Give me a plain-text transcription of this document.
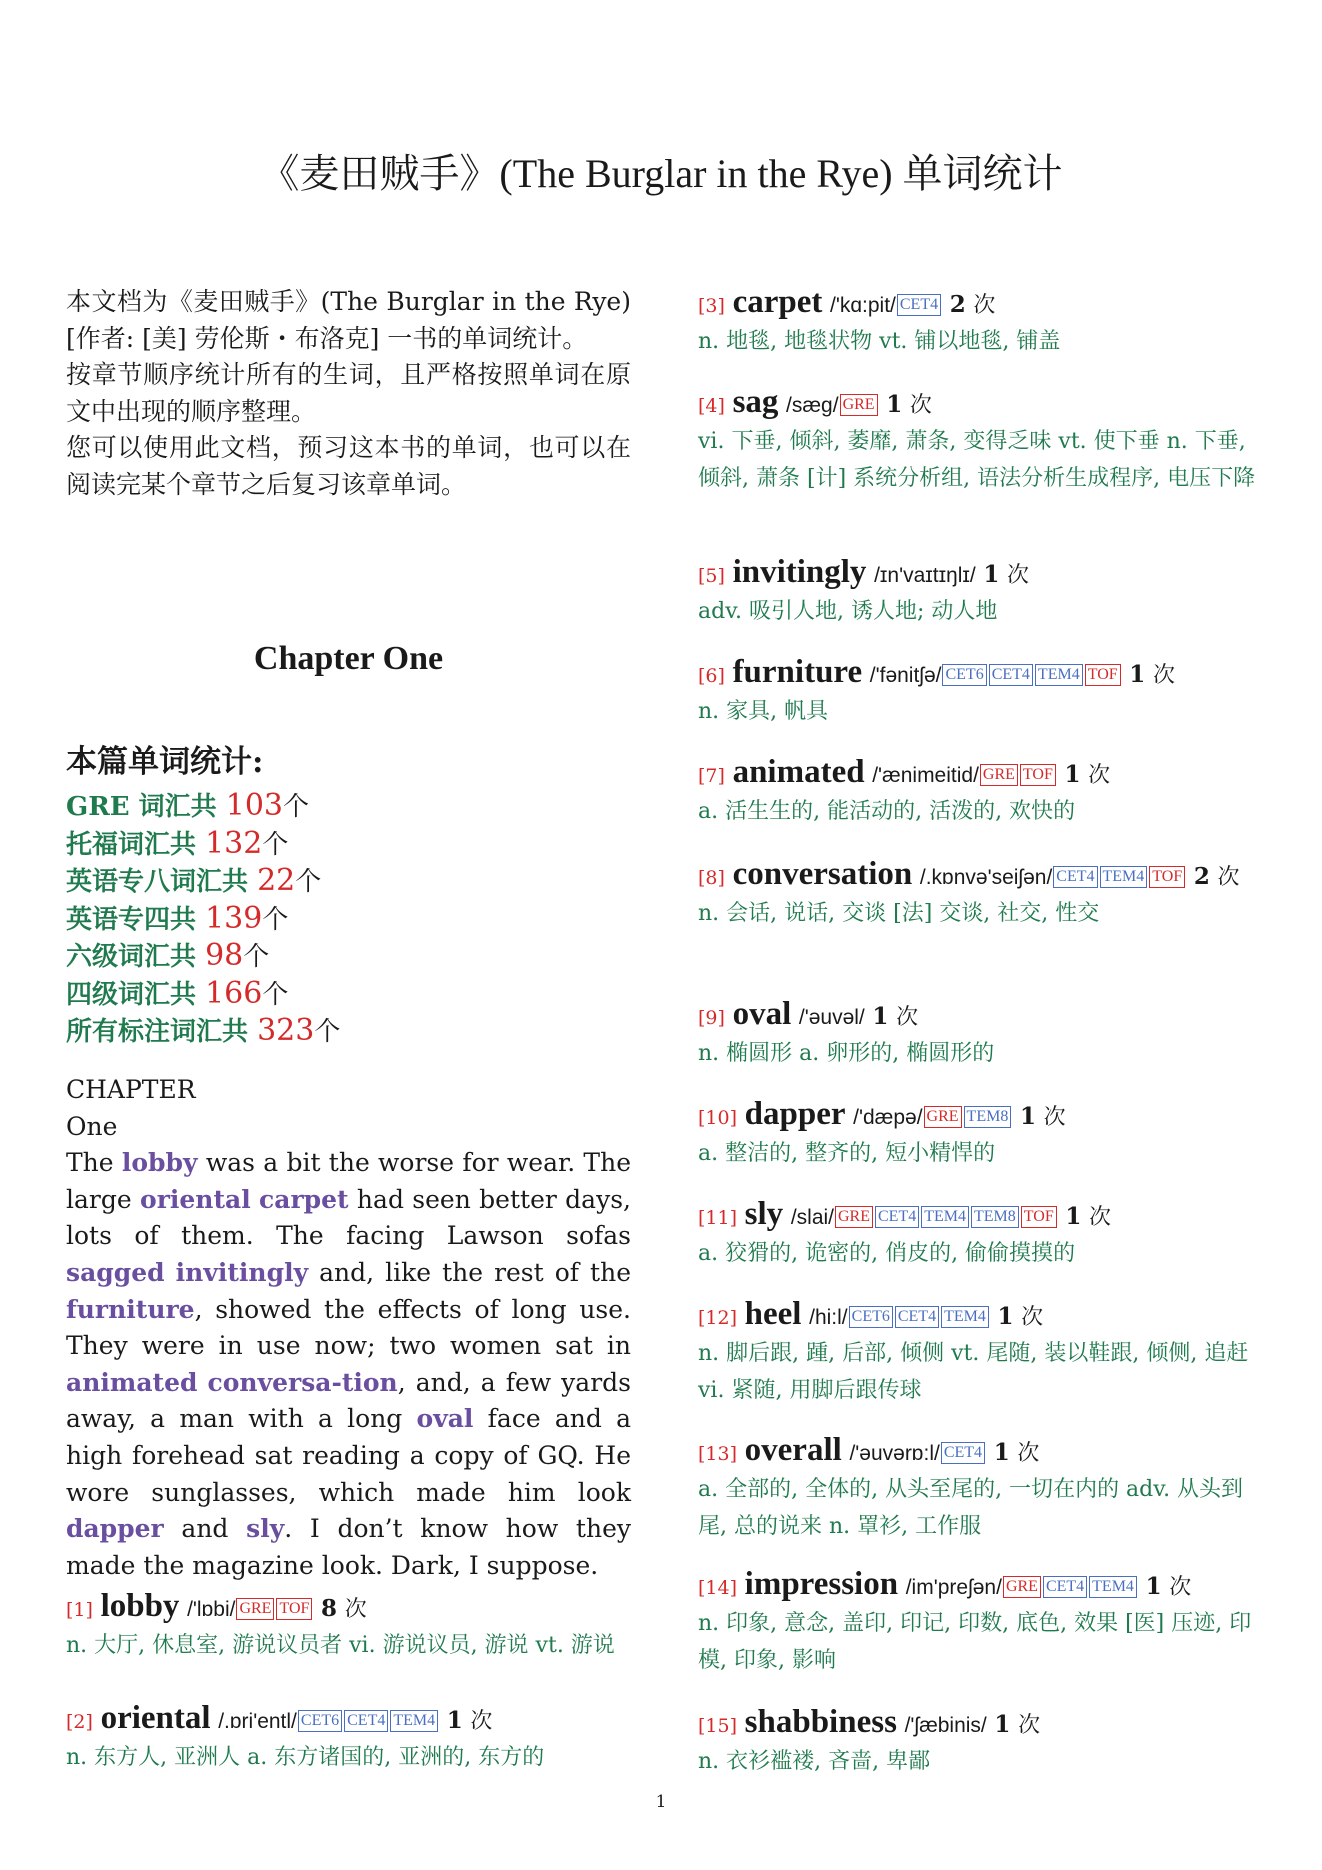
《麦田贼手》(The Burglar in the Rye) 单词统计

本文档为《麦田贼手》(The Burglar in the Rye)[作者: [美] 劳伦斯・布洛克] 一书的单词统计。

按章节顺序统计所有的生词，且严格按照单词在原文中出现的顺序整理。

您可以使用此文档，预习这本书的单词，也可以在阅读完某个章节之后复习该章单词。

Chapter One
本篇单词统计:
GRE 词汇共 103个
托福词汇共 132个
英语专八词汇共 22个
英语专四共 139个
六级词汇共 98个
四级词汇共 166个
所有标注词汇共 323个

CHAPTER

One

The lobby was a bit the worse for wear. The large oriental carpet had seen better days, lots of them. The facing Lawson sofas sagged invitingly and, like the rest of the furniture, showed the effects of long use. They were in use now; two women sat in animated conversa-tion, and, a few yards away, a man with a long oval face and a high forehead sat reading a copy of GQ. He wore sunglasses, which made him look dapper and sly. I don’t know how they made the magazine look. Dark, I suppose.

[1] lobby /'lɒbi/ GRE TOF 8 次

n. 大厅, 休息室, 游说议员者 vi. 游说议员, 游说 vt. 游说

[2] oriental /.ɒri'entl/ CET6 CET4 TEM4 1 次

n. 东方人, 亚洲人 a. 东方诸国的, 亚洲的, 东方的

[3] carpet /'kɑ:pit/ CET4 2 次

n. 地毯, 地毯状物 vt. 铺以地毯, 铺盖

[4] sag /sæg/ GRE 1 次

vi. 下垂, 倾斜, 萎靡, 萧条, 变得乏味 vt. 使下垂 n. 下垂, 倾斜, 萧条 [计] 系统分析组, 语法分析生成程序, 电压下降

[5] invitingly /ɪn'vaɪtɪŋlɪ/ 1 次

adv. 吸引人地, 诱人地; 动人地

[6] furniture /'fənitʃə/ CET6 CET4 TEM4 TOF 1 次

n. 家具, 帆具

[7] animated /'ænimeitid/ GRE TOF 1 次

a. 活生生的, 能活动的, 活泼的, 欢快的

[8] conversation /.kɒnvə'seiʃən/ CET4 TEM4 TOF 2 次

n. 会话, 说话, 交谈 [法] 交谈, 社交, 性交

[9] oval /'əuvəl/ 1 次

n. 椭圆形 a. 卵形的, 椭圆形的

[10] dapper /'dæpə/ GRE TEM8 1 次

a. 整洁的, 整齐的, 短小精悍的

[11] sly /slai/ GRE CET4 TEM4 TEM8 TOF 1 次

a. 狡猾的, 诡密的, 俏皮的, 偷偷摸摸的

[12] heel /hi:l/ CET6 CET4 TEM4 1 次

n. 脚后跟, 踵, 后部, 倾侧 vt. 尾随, 装以鞋跟, 倾侧, 追赶 vi. 紧随, 用脚后跟传球

[13] overall /'əuvərɒ:l/ CET4 1 次

a. 全部的, 全体的, 从头至尾的, 一切在内的 adv. 从头到尾, 总的说来 n. 罩衫, 工作服

[14] impression /im'preʃən/ GRE CET4 TEM4 1 次

n. 印象, 意念, 盖印, 印记, 印数, 底色, 效果 [医] 压迹, 印模, 印象, 影响

[15] shabbiness /'ʃæbinis/ 1 次

n. 衣衫褴褛, 吝啬, 卑鄙

1
